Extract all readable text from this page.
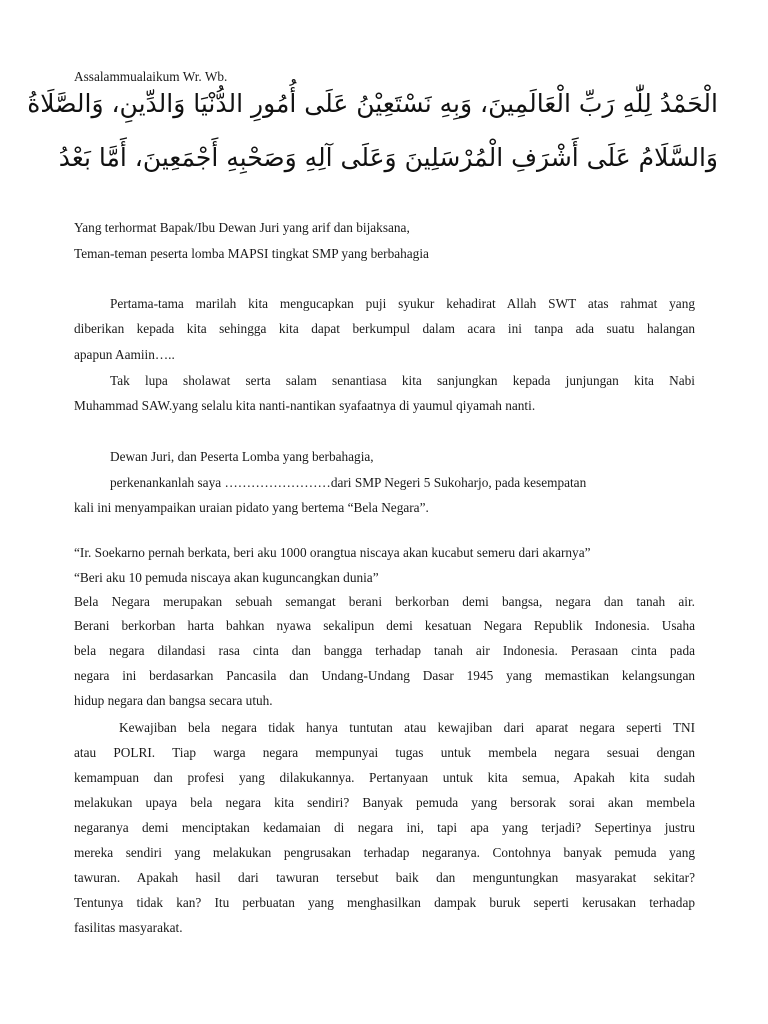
Assalammualaikum Wr. Wb.
الْحَمْدُ لِلّٰهِ رَبِّ الْعَالَمِينَ، وَبِهِ نَسْتَعِيْنُ عَلَى أُمُورِ الدُّنْيَا وَالدِّينِ، وَالصَّلَاةُ
وَالسَّلَامُ عَلَى أَشْرَفِ الْمُرْسَلِينَ وَعَلَى آلِهِ وَصَحْبِهِ أَجْمَعِينَ، أَمَّا بَعْدُ
Yang terhormat Bapak/Ibu Dewan Juri yang arif dan bijaksana,
Teman-teman peserta lomba MAPSI tingkat SMP yang berbahagia
Pertama-tama marilah kita mengucapkan puji syukur kehadirat Allah SWT atas rahmat yang
diberikan kepada kita sehingga kita dapat berkumpul dalam acara ini tanpa ada suatu halangan
apapun Aamiin…..
Tak lupa sholawat serta salam senantiasa kita sanjungkan kepada junjungan kita Nabi
Muhammad SAW.yang selalu kita nanti-nantikan syafaatnya di yaumul qiyamah nanti.
Dewan Juri, dan Peserta Lomba yang berbahagia,
perkenankanlah saya ……………………dari SMP Negeri 5 Sukoharjo, pada kesempatan
kali ini menyampaikan uraian pidato yang bertema “Bela Negara”.
“Ir. Soekarno pernah berkata, beri aku 1000 orangtua niscaya akan kucabut semeru dari akarnya”
“Beri aku 10 pemuda niscaya akan kuguncangkan dunia”
Bela Negara merupakan sebuah semangat berani berkorban demi bangsa, negara dan tanah air.
Berani berkorban harta bahkan nyawa sekalipun demi kesatuan Negara Republik Indonesia. Usaha
bela negara dilandasi rasa cinta dan bangga terhadap tanah air Indonesia. Perasaan cinta pada
negara ini berdasarkan Pancasila dan Undang-Undang Dasar 1945 yang memastikan kelangsungan
hidup negara dan bangsa secara utuh.
Kewajiban bela negara tidak hanya tuntutan atau kewajiban dari aparat negara seperti TNI
atau POLRI. Tiap warga negara mempunyai tugas untuk membela negara sesuai dengan
kemampuan dan profesi yang dilakukannya. Pertanyaan untuk kita semua, Apakah kita sudah
melakukan upaya bela negara kita sendiri? Banyak pemuda yang bersorak sorai akan membela
negaranya demi menciptakan kedamaian di negara ini, tapi apa yang terjadi? Sepertinya justru
mereka sendiri yang melakukan pengrusakan terhadap negaranya. Contohnya banyak pemuda yang
tawuran. Apakah hasil dari tawuran tersebut baik dan menguntungkan masyarakat sekitar?
Tentunya tidak kan? Itu perbuatan yang menghasilkan dampak buruk seperti kerusakan terhadap
fasilitas masyarakat.
